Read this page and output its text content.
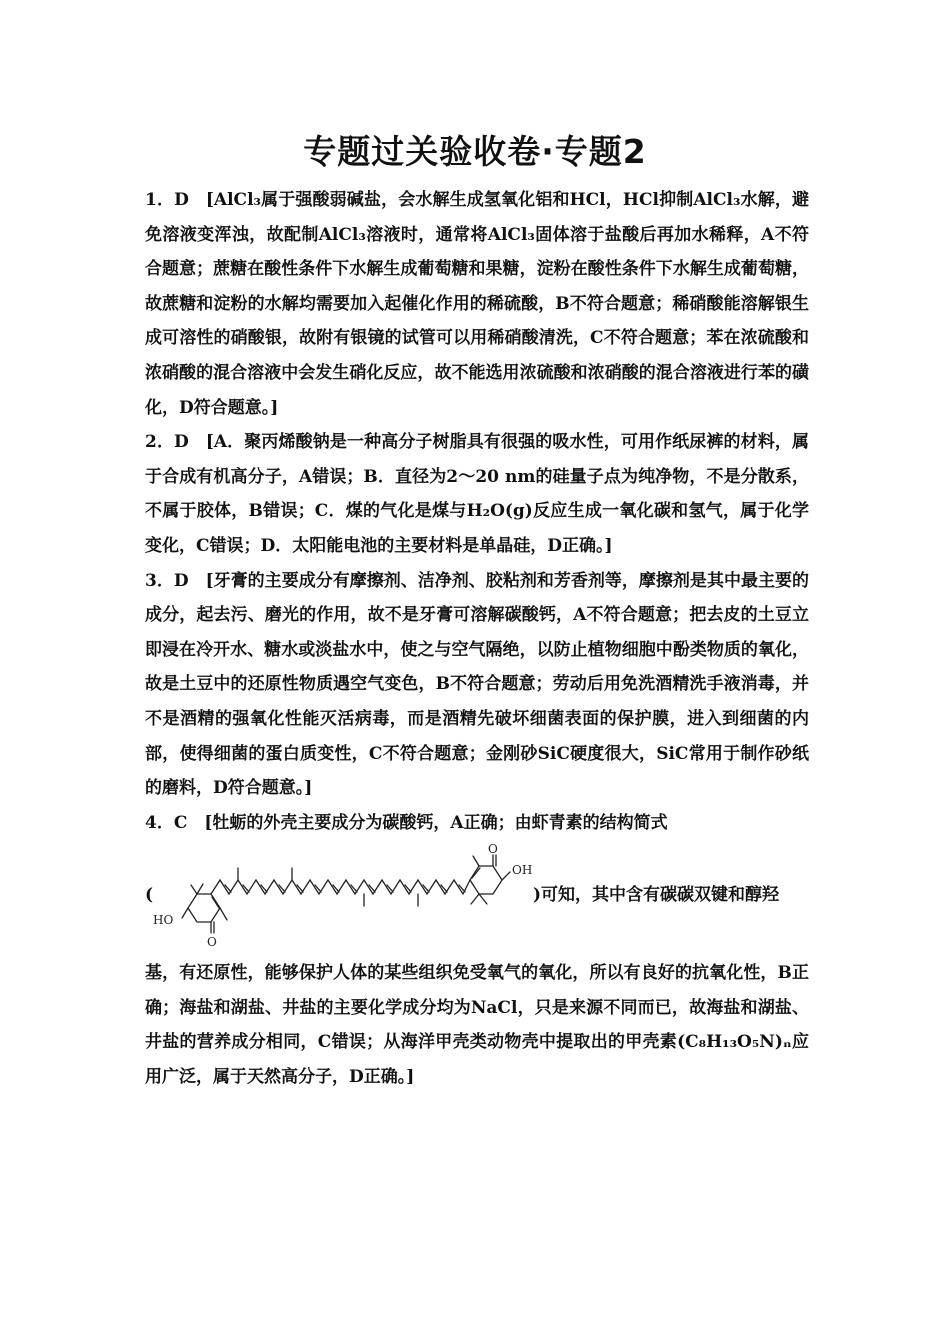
专题过关验收卷·专题2

1．D  [AlCl₃属于强酸弱碱盐，会水解生成氢氧化铝和HCl，HCl抑制AlCl₃水解，避免溶液变浑浊，故配制AlCl₃溶液时，通常将AlCl₃固体溶于盐酸后再加水稀释，A不符合题意；蔗糖在酸性条件下水解生成葡萄糖和果糖，淀粉在酸性条件下水解生成葡萄糖，故蔗糖和淀粉的水解均需要加入起催化作用的稀硫酸，B不符合题意；稀硝酸能溶解银生成可溶性的硝酸银，故附有银镜的试管可以用稀硝酸清洗，C不符合题意；苯在浓硫酸和浓硝酸的混合溶液中会发生硝化反应，故不能选用浓硫酸和浓硝酸的混合溶液进行苯的磺化，D符合题意。]

2．D  [A．聚丙烯酸钠是一种高分子树脂具有很强的吸水性，可用作纸尿裤的材料，属于合成有机高分子，A错误；B．直径为2～20 nm的硅量子点为纯净物，不是分散系，不属于胶体，B错误；C．煤的气化是煤与H₂O(g)反应生成一氧化碳和氢气，属于化学变化，C错误；D．太阳能电池的主要材料是单晶硅，D正确。]

3．D  [牙膏的主要成分有摩擦剂、洁净剂、胶粘剂和芳香剂等，摩擦剂是其中最主要的成分，起去污、磨光的作用，故不是牙膏可溶解碳酸钙，A不符合题意；把去皮的土豆立即浸在冷开水、糖水或淡盐水中，使之与空气隔绝，以防止植物细胞中酚类物质的氧化，故是土豆中的还原性物质遇空气变色，B不符合题意；劳动后用免洗酒精洗手液消毒，并不是酒精的强氧化性能灭活病毒，而是酒精先破坏细菌表面的保护膜，进入到细菌的内部，使得细菌的蛋白质变性，C不符合题意；金刚砂SiC硬度很大，SiC常用于制作砂纸的磨料，D符合题意。]

4．C  [牡蛎的外壳主要成分为碳酸钙，A正确；由虾青素的结构简式

(
O
OH
HO
O
)可知，其中含有碳碳双键和醇羟

基，有还原性，能够保护人体的某些组织免受氧气的氧化，所以有良好的抗氧化性，B正确；海盐和湖盐、井盐的主要化学成分均为NaCl，只是来源不同而已，故海盐和湖盐、井盐的营养成分相同，C错误；从海洋甲壳类动物壳中提取出的甲壳素(C₈H₁₃O₅N)ₙ应用广泛，属于天然高分子，D正确。]
